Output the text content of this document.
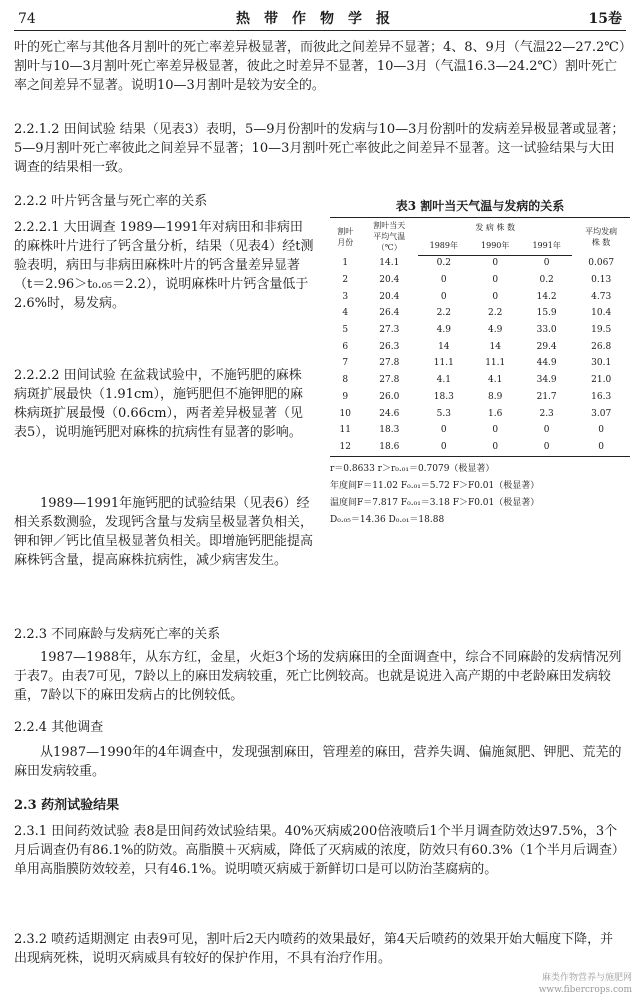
74	热带作物学报	15卷

叶的死亡率与其他各月割叶的死亡率差异极显著，而彼此之间差异不显著；4、8、9月（气温22—27.2℃）割叶与10—3月割叶死亡率差异极显著，彼此之时差异不显著，10—3月（气温16.3—24.2℃）割叶死亡率之间差异不显著。说明10—3月割叶是较为安全的。

2.2.1.2 田间试验 结果（见表3）表明，5—9月份割叶的发病与10—3月份割叶的发病差异极显著或显著；5—9月割叶死亡率彼此之间差异不显著；10—3月割叶死亡率彼此之间差异不显著。这一试验结果与大田调查的结果相一致。

2.2.2 叶片钙含量与死亡率的关系

2.2.2.1 大田调查 1989—1991年对病田和非病田的麻株叶片进行了钙含量分析，结果（见表4）经t测验表明，病田与非病田麻株叶片的钙含量差异显著（t＝2.96＞t₀.₀₅＝2.2），说明麻株叶片钙含量低于2.6%时，易发病。

2.2.2.2 田间试验 在盆栽试验中，不施钙肥的麻株病斑扩展最快（1.91cm），施钙肥但不施钾肥的麻株病斑扩展最慢（0.66cm），两者差异极显著（见表5），说明施钙肥对麻株的抗病性有显著的影响。

1989—1991年施钙肥的试验结果（见表6）经相关系数测验，发现钙含量与发病呈极显著负相关，钾和钾／钙比值呈极显著负相关。即增施钙肥能提高麻株钙含量，提高麻株抗病性，减少病害发生。

2.2.3 不同麻龄与发病死亡率的关系

1987—1988年，从东方红，金星，火炬3个场的发病麻田的全面调查中，综合不同麻龄的发病情况列于表7。由表7可见，7龄以上的麻田发病较重，死亡比例较高。也就是说进入高产期的中老龄麻田发病较重，7龄以下的麻田发病占的比例较低。

2.2.4 其他调查

从1987—1990年的4年调查中，发现强割麻田，管理差的麻田，营养失调、偏施氮肥、钾肥、荒芜的麻田发病较重。

2.3 药剂试验结果

2.3.1 田间药效试验 表8是田间药效试验结果。40%灭病威200倍液喷后1个半月调查防效达97.5%，3个月后调查仍有86.1%的防效。高脂膜＋灭病威，降低了灭病威的浓度，防效只有60.3%（1个半月后调查）单用高脂膜防效较差，只有46.1%。说明喷灭病威于新鲜切口是可以防治茎腐病的。

2.3.2 喷药适期测定 由表9可见，割叶后2天内喷药的效果最好，第4天后喷药的效果开始大幅度下降，并出现病死株，说明灭病威具有较好的保护作用，不具有治疗作用。

表3 割叶当天气温与发病的关系
割叶
月份	割叶当天
平均气温
（℃）	发 病 株 数			平均发病
株 数
		1989年	1990年	1991年	
1	14.1	0.2	0	0	0.067
2	20.4	0	0	0.2	0.13
3	20.4	0	0	14.2	4.73
4	26.4	2.2	2.2	15.9	10.4
5	27.3	4.9	4.9	33.0	19.5
6	26.3	14	14	29.4	26.8
7	27.8	11.1	11.1	44.9	30.1
8	27.8	4.1	4.1	34.9	21.0
9	26.0	18.3	8.9	21.7	16.3
10	24.6	5.3	1.6	2.3	3.07
11	18.3	0	0	0	0
12	18.6	0	0	0	0
r＝0.8633 r＞r₀.₀₁＝0.7079（极显著）
年度间F＝11.02 F₀.₀₁＝5.72 F＞F0.01（极显著）
温度间F＝7.817 F₀.₀₁＝3.18 F＞F0.01（极显著）
D₀.₀₅＝14.36 D₀.₀₁＝18.88
麻类作物营养与施肥网
www.fibercrops.com
